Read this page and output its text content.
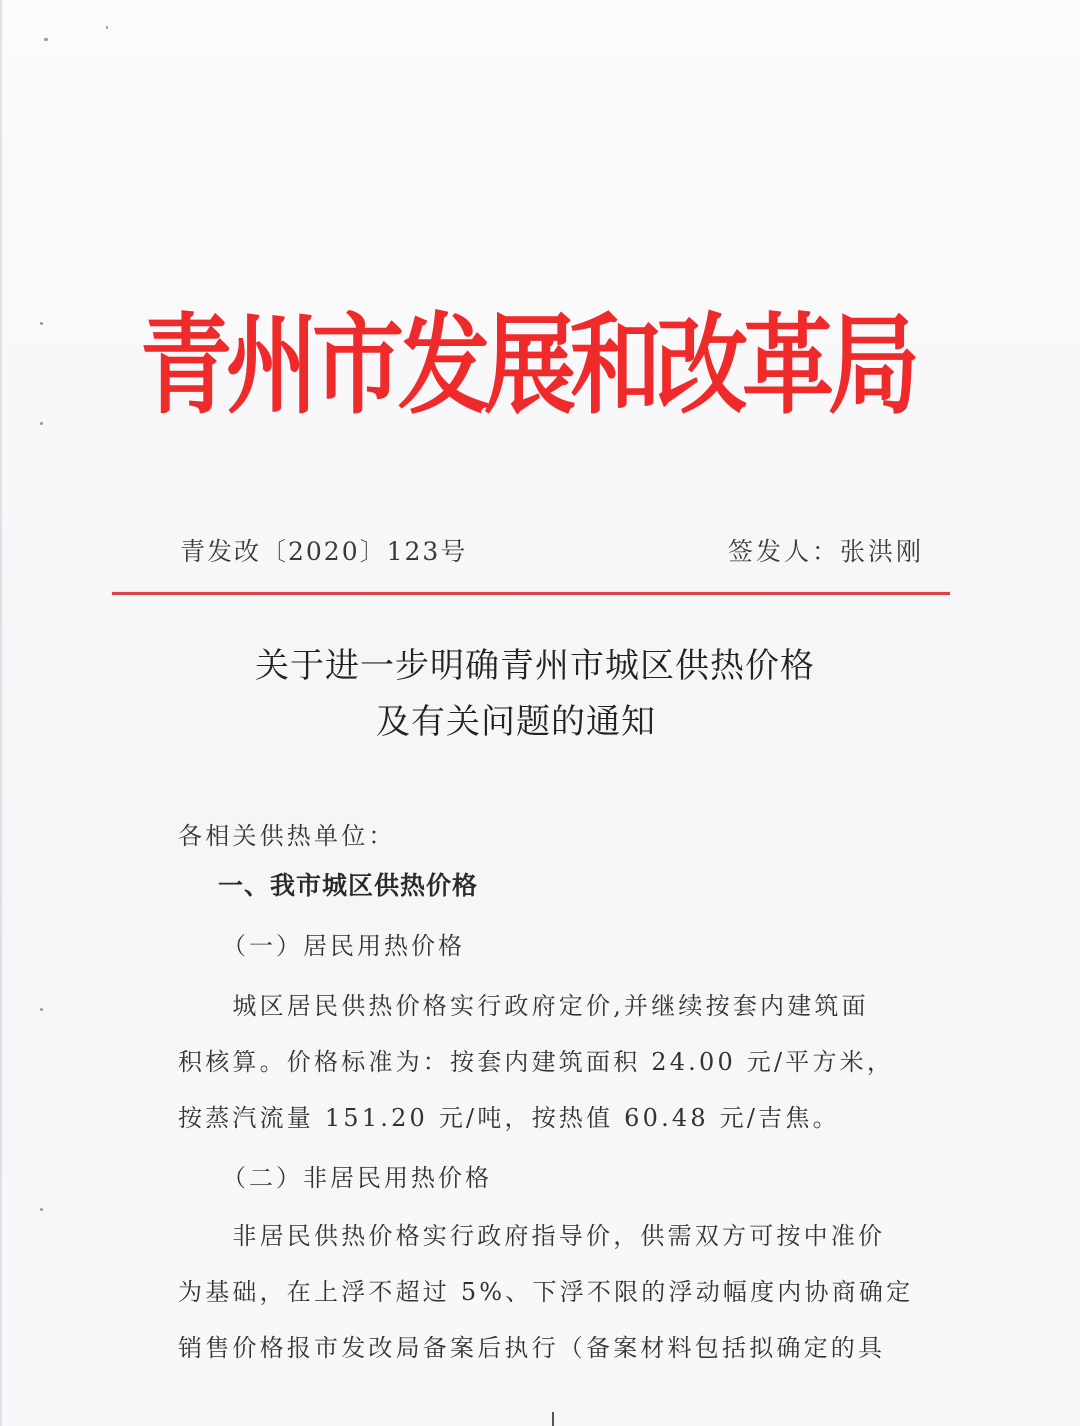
青州市发展和改革局
青发改〔2020〕123号	签发人：张洪刚
关于进一步明确青州市城区供热价格
及有关问题的通知
各相关供热单位：
一、我市城区供热价格
（一）居民用热价格
　　城区居民供热价格实行政府定价,并继续按套内建筑面
积核算。价格标准为：按套内建筑面积 24.00 元/平方米，
按蒸汽流量 151.20 元/吨，按热值 60.48 元/吉焦。
（二）非居民用热价格
　　非居民供热价格实行政府指导价，供需双方可按中准价
为基础，在上浮不超过 5%、下浮不限的浮动幅度内协商确定
销售价格报市发改局备案后执行（备案材料包括拟确定的具
